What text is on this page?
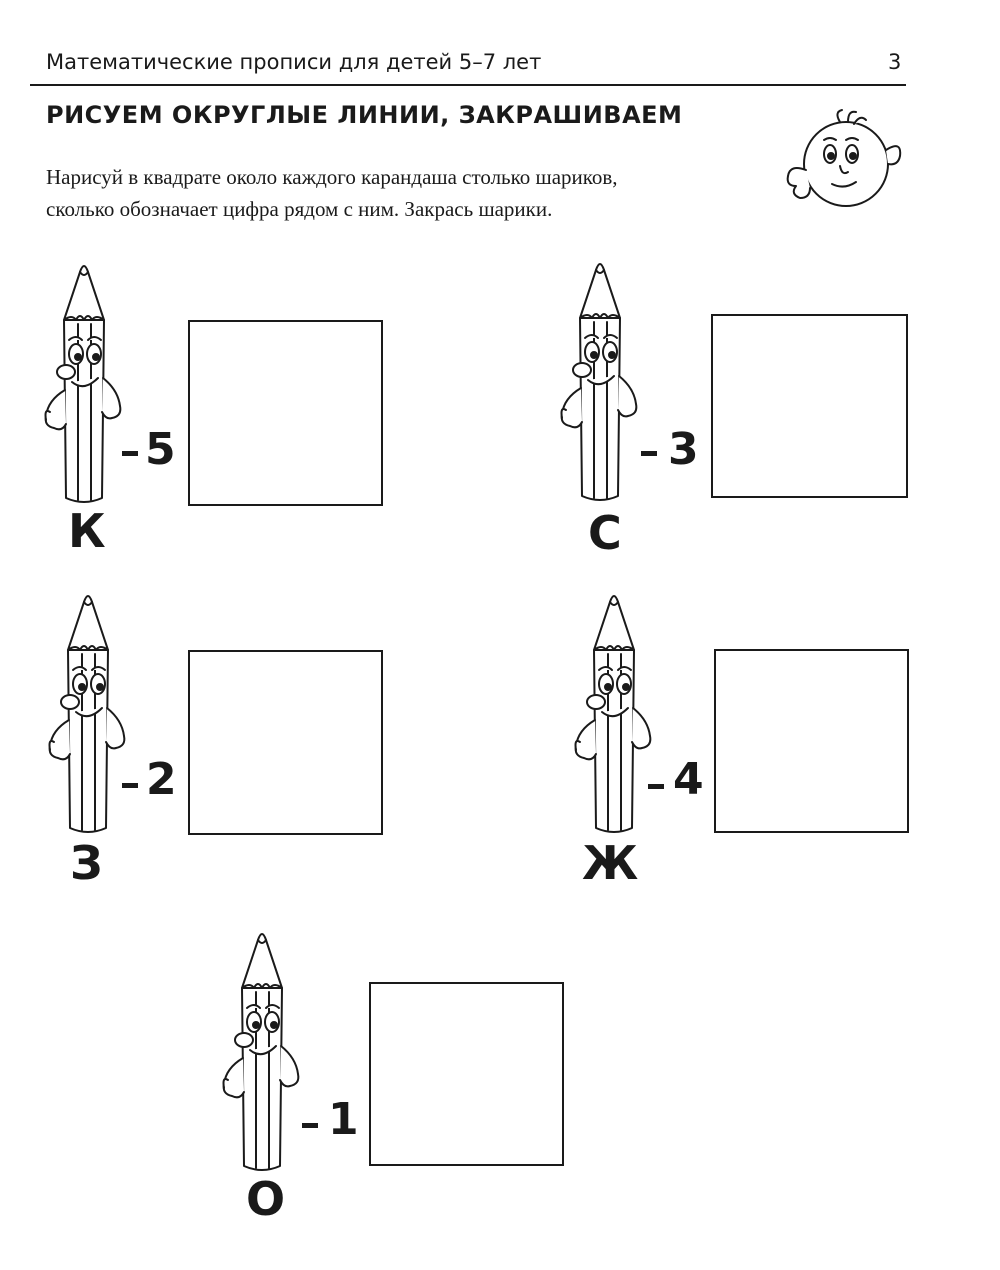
Математические прописи для детей 5–7 лет	3
РИСУЕМ ОКРУГЛЫЕ ЛИНИИ, ЗАКРАШИВАЕМ
Нарисуй в квадрате около каждого карандаша столько шариков,
сколько обозначает цифра рядом с ним. Закрась шарики.
5
К
3
С
2
З
4
Ж
1
О
